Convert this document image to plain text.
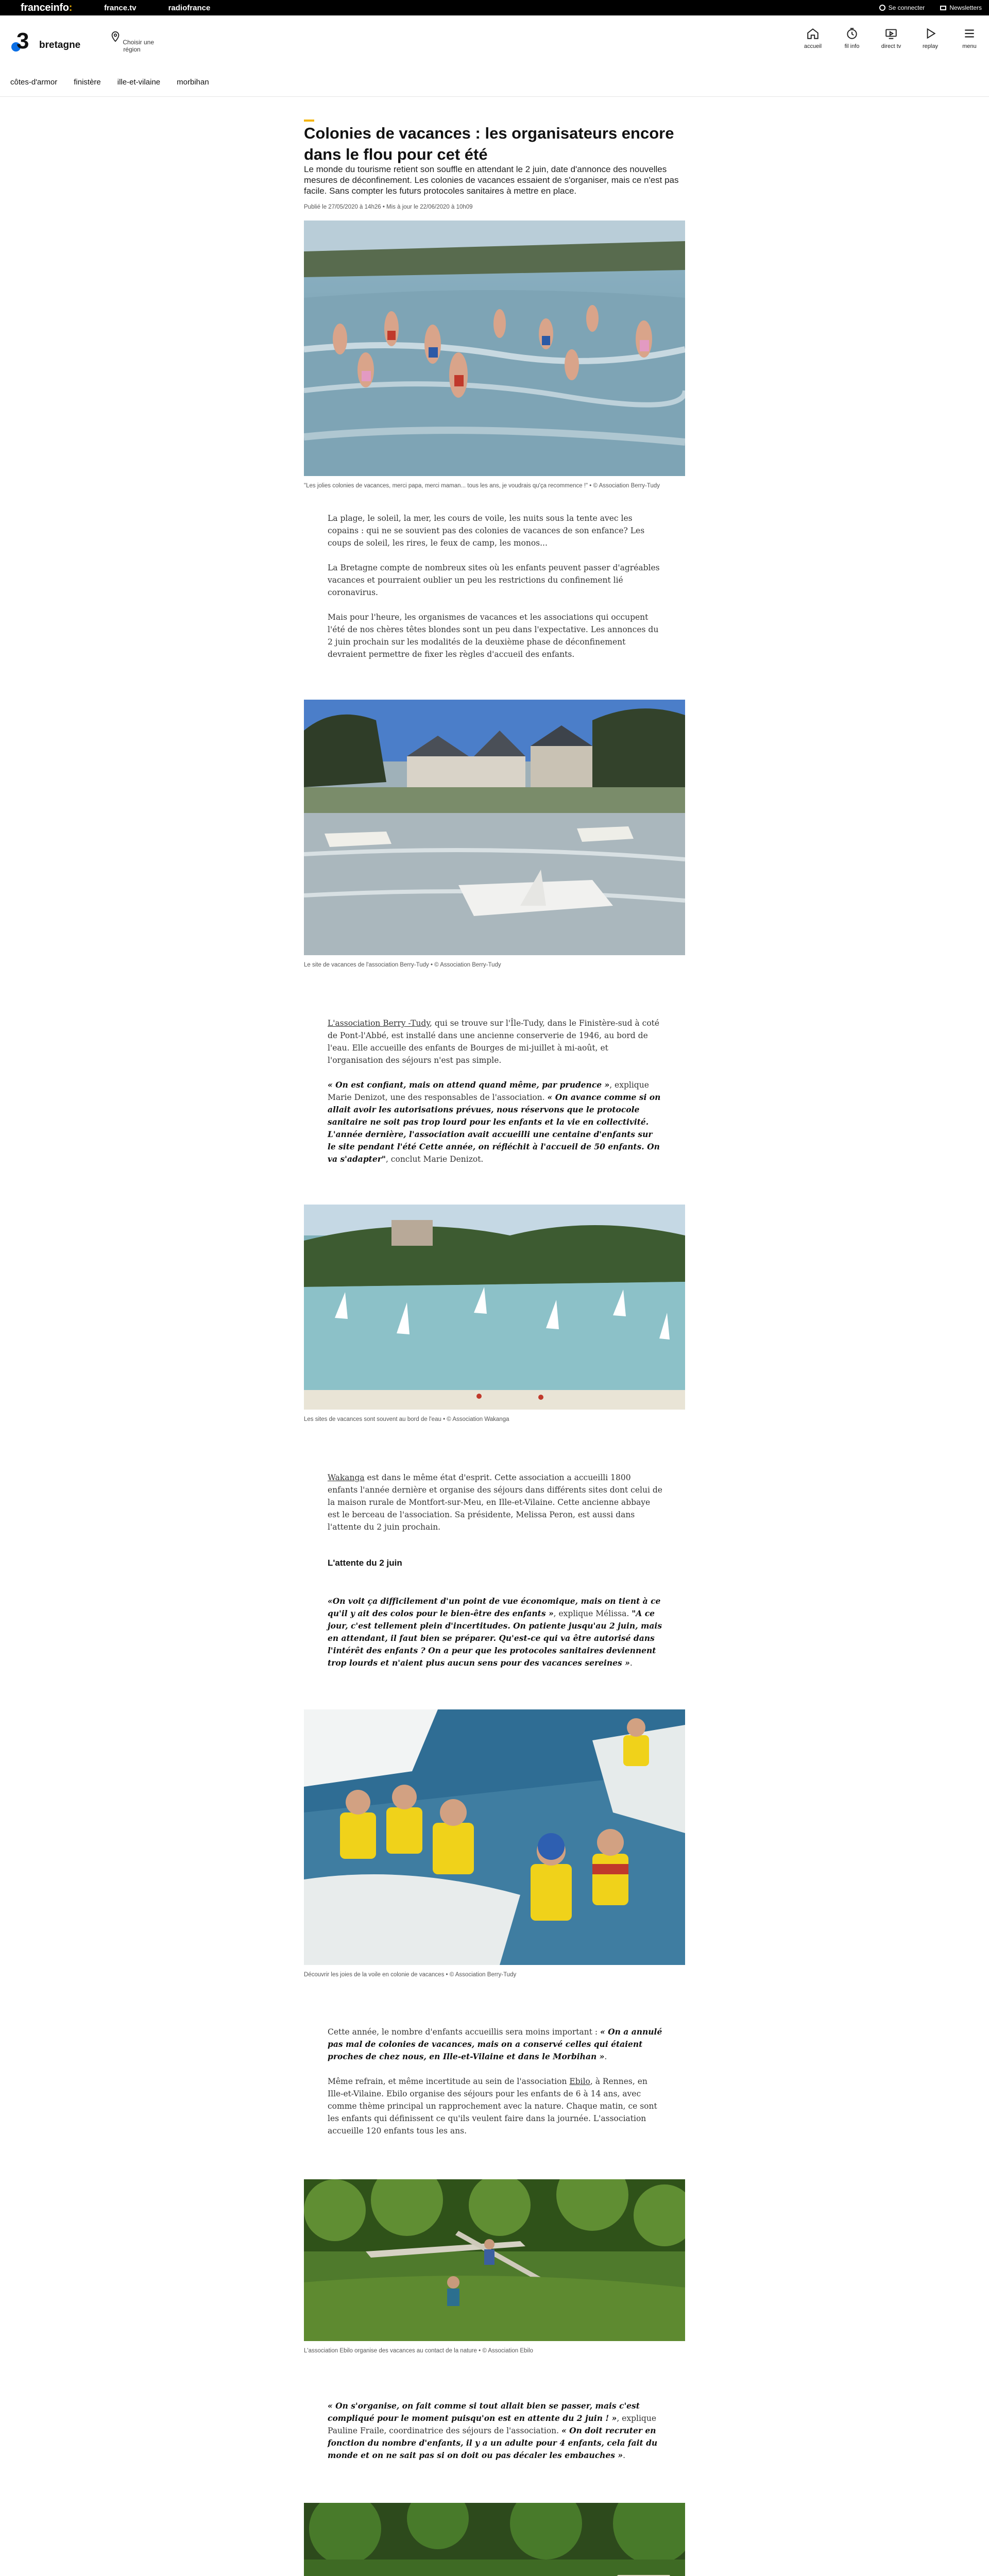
franceinfo:	france.tv	radiofrance	Se connecter	Newsletters
3 bretagne	Choisir une région	accueil	fil info	direct tv	replay	menu
côtes-d'armor finistère ille-et-vilaine morbihan
Colonies de vacances : les organisateurs encore dans le flou pour cet été

Le monde du tourisme retient son souffle en attendant le 2 juin, date d'annonce des nouvelles mesures de déconfinement. Les colonies de vacances essaient de s'organiser, mais ce n'est pas facile. Sans compter les futurs protocoles sanitaires à mettre en place.

Publié le 27/05/2020 à 14h26 • Mis à jour le 22/06/2020 à 10h09
"Les jolies colonies de vacances, merci papa, merci maman... tous les ans, je voudrais qu'ça recommence !" • © Association Berry-Tudy

La plage, le soleil, la mer, les cours de voile, les nuits sous la tente avec les copains : qui ne se souvient pas des colonies de vacances de son enfance? Les coups de soleil, les rires, le feux de camp, les monos...

La Bretagne compte de nombreux sites où les enfants peuvent passer d'agréables vacances et pourraient oublier un peu les restrictions du confinement lié coronavirus.

Mais pour l'heure, les organismes de vacances et les associations qui occupent l'été de nos chères têtes blondes sont un peu dans l'expectative. Les annonces du 2 juin prochain sur les modalités de la deuxième phase de déconfinement devraient permettre de fixer les règles d'accueil des enfants.

Le site de vacances de l'association Berry-Tudy • © Association Berry-Tudy

L'association Berry -Tudy, qui se trouve sur l'Île-Tudy, dans le Finistère-sud à coté de Pont-l'Abbé, est installé dans une ancienne conserverie de 1946, au bord de l'eau. Elle accueille des enfants de Bourges de mi-juillet à mi-août, et l'organisation des séjours n'est pas simple.

« On est confiant, mais on attend quand même, par prudence », explique Marie Denizot, une des responsables de l'association. « On avance comme si on allait avoir les autorisations prévues, nous réservons que le protocole sanitaire ne soit pas trop lourd pour les enfants et la vie en collectivité. L'année dernière, l'association avait accueilli une centaine d'enfants sur le site pendant l'été Cette année, on réfléchit à l'accueil de 50 enfants. On va s'adapter", conclut Marie Denizot.

Les sites de vacances sont souvent au bord de l'eau • © Association Wakanga

Wakanga est dans le même état d'esprit. Cette association a accueilli 1800 enfants l'année dernière et organise des séjours dans différents sites dont celui de la maison rurale de Montfort-sur-Meu, en Ille-et-Vilaine. Cette ancienne abbaye est le berceau de l'association. Sa présidente, Melissa Peron, est aussi dans l'attente du 2 juin prochain.

L'attente du 2 juin

«On voit ça difficilement d'un point de vue économique, mais on tient à ce qu'il y ait des colos pour le bien-être des enfants », explique Mélissa. "A ce jour, c'est tellement plein d'incertitudes. On patiente jusqu'au 2 juin, mais en attendant, il faut bien se préparer. Qu'est-ce qui va être autorisé dans l'intérêt des enfants ? On a peur que les protocoles sanitaires deviennent trop lourds et n'aient plus aucun sens pour des vacances sereines ».

Découvrir les joies de la voile en colonie de vacances • © Association Berry-Tudy

Cette année, le nombre d'enfants accueillis sera moins important : « On a annulé pas mal de colonies de vacances, mais on a conservé celles qui étaient proches de chez nous, en Ille-et-Vilaine et dans le Morbihan ».

Même refrain, et même incertitude au sein de l'association Ebilo, à Rennes, en Ille-et-Vilaine. Ebilo organise des séjours pour les enfants de 6 à 14 ans, avec comme thème principal un rapprochement avec la nature. Chaque matin, ce sont les enfants qui définissent ce qu'ils veulent faire dans la journée. L'association accueille 120 enfants tous les ans.

L'association Ebilo organise des vacances au contact de la nature • © Association Ebilo

« On s'organise, on fait comme si tout allait bien se passer, mais c'est compliqué pour le moment puisqu'on est en attente du 2 juin ! », explique Pauline Fraile, coordinatrice des séjours de l'association. « On doit recruter en fonction du nombre d'enfants, il y a un adulte pour 4 enfants, cela fait du monde et on ne sait pas si on doit ou pas décaler les embauches ».
